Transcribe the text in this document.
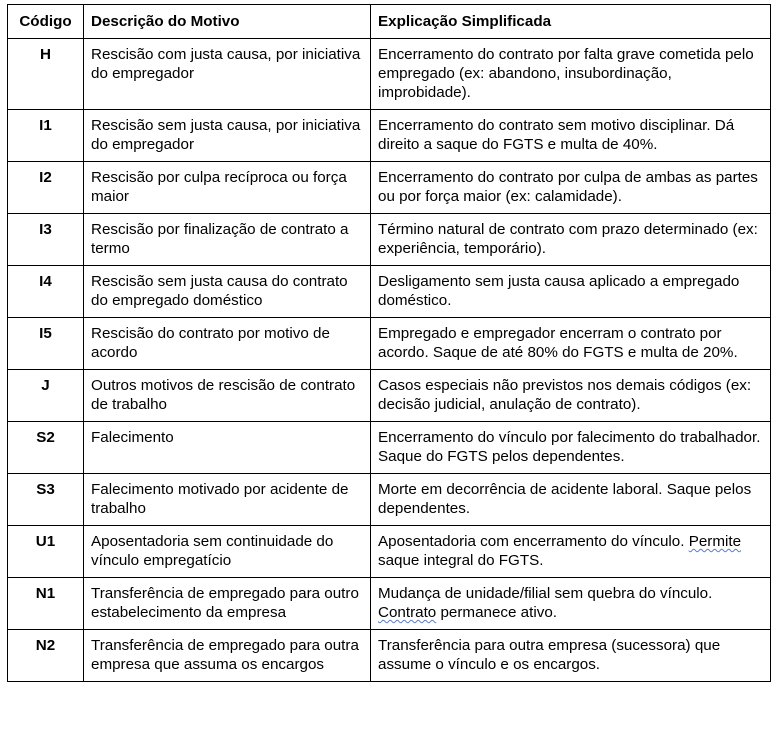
Código	Descrição do Motivo	Explicação Simplificada
H	Rescisão com justa causa, por iniciativa do empregador	Encerramento do contrato por falta grave cometida pelo empregado (ex: abandono, insubordinação, improbidade).
I1	Rescisão sem justa causa, por iniciativa do empregador	Encerramento do contrato sem motivo disciplinar. Dá direito a saque do FGTS e multa de 40%.
I2	Rescisão por culpa recíproca ou força maior	Encerramento do contrato por culpa de ambas as partes ou por força maior (ex: calamidade).
I3	Rescisão por finalização de contrato a termo	Término natural de contrato com prazo determinado (ex: experiência, temporário).
I4	Rescisão sem justa causa do contrato do empregado doméstico	Desligamento sem justa causa aplicado a empregado doméstico.
I5	Rescisão do contrato por motivo de acordo	Empregado e empregador encerram o contrato por acordo. Saque de até 80% do FGTS e multa de 20%.
J	Outros motivos de rescisão de contrato de trabalho	Casos especiais não previstos nos demais códigos (ex: decisão judicial, anulação de contrato).
S2	Falecimento	Encerramento do vínculo por falecimento do trabalhador. Saque do FGTS pelos dependentes.
S3	Falecimento motivado por acidente de trabalho	Morte em decorrência de acidente laboral. Saque pelos dependentes.
U1	Aposentadoria sem continuidade do vínculo empregatício	Aposentadoria com encerramento do vínculo. Permite saque integral do FGTS.
N1	Transferência de empregado para outro estabelecimento da empresa	Mudança de unidade/filial sem quebra do vínculo. Contrato permanece ativo.
N2	Transferência de empregado para outra empresa que assuma os encargos	Transferência para outra empresa (sucessora) que assume o vínculo e os encargos.
